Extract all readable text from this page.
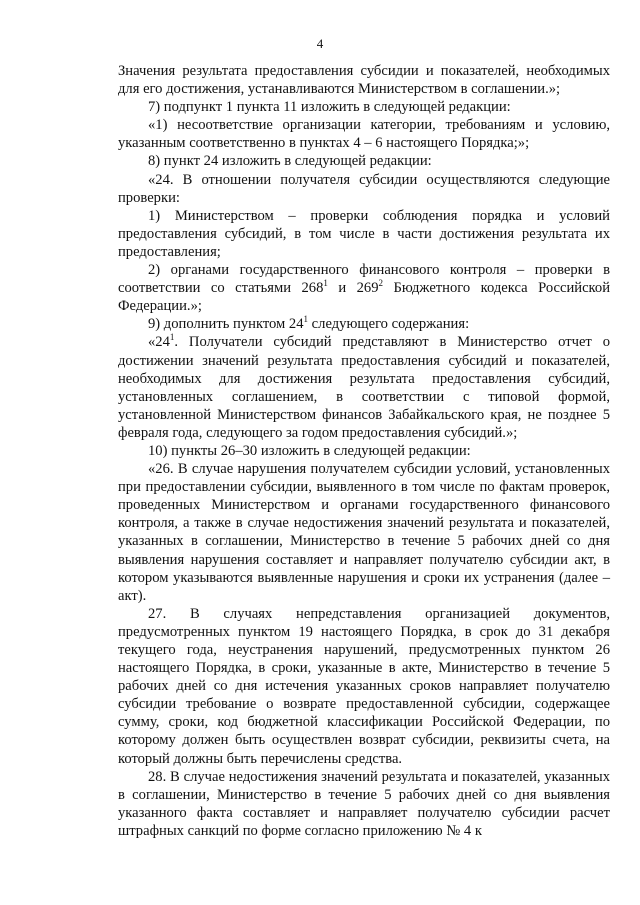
4

Значения результата предоставления субсидии и показателей, необходимых для его достижения, устанавливаются Министерством в соглашении.»;

7) подпункт 1 пункта 11 изложить в следующей редакции:

«1) несоответствие организации категории, требованиям и условию, указанным соответственно в пунктах 4 – 6 настоящего Порядка;»;

8) пункт 24 изложить в следующей редакции:

«24. В отношении получателя субсидии осуществляются следующие проверки:

1) Министерством – проверки соблюдения порядка и условий предоставления субсидий, в том числе в части достижения результата их предоставления;

2) органами государственного финансового контроля – проверки в соответствии со статьями $268^1$ и $269^2$ Бюджетного кодекса Российской Федерации.»;

9) дополнить пунктом $24^1$ следующего содержания:

«$24^1$. Получатели субсидий представляют в Министерство отчет о достижении значений результата предоставления субсидий и показателей, необходимых для достижения результата предоставления субсидий, установленных соглашением, в соответствии с типовой формой, установленной Министерством финансов Забайкальского края, не позднее 5 февраля года, следующего за годом предоставления субсидий.»;

10) пункты 26–30 изложить в следующей редакции:

«26. В случае нарушения получателем субсидии условий, установленных при предоставлении субсидии, выявленного в том числе по фактам проверок, проведенных Министерством и органами государственного финансового контроля, а также в случае недостижения значений результата и показателей, указанных в соглашении, Министерство в течение 5 рабочих дней со дня выявления нарушения составляет и направляет получателю субсидии акт, в котором указываются выявленные нарушения и сроки их устранения (далее – акт).

27. В случаях непредставления организацией документов, предусмотренных пунктом 19 настоящего Порядка, в срок до 31 декабря текущего года, неустранения нарушений, предусмотренных пунктом 26 настоящего Порядка, в сроки, указанные в акте, Министерство в течение 5 рабочих дней со дня истечения указанных сроков направляет получателю субсидии требование о возврате предоставленной субсидии, содержащее сумму, сроки, код бюджетной классификации Российской Федерации, по которому должен быть осуществлен возврат субсидии, реквизиты счета, на который должны быть перечислены средства.

28. В случае недостижения значений результата и показателей, указанных в соглашении, Министерство в течение 5 рабочих дней со дня выявления указанного факта составляет и направляет получателю субсидии расчет штрафных санкций по форме согласно приложению № 4 к
